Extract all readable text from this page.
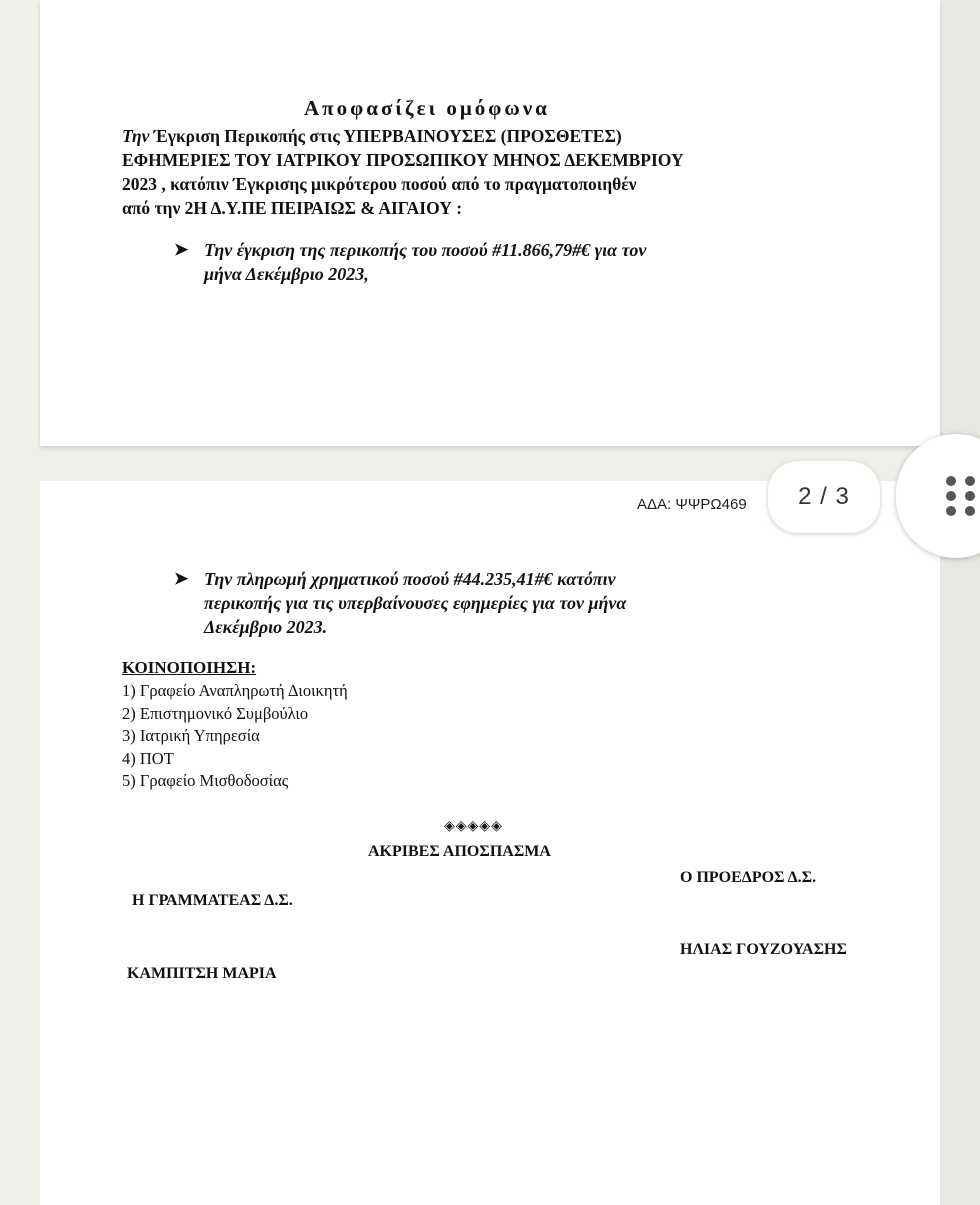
Αποφασίζει ομόφωνα
Την Έγκριση Περικοπής στις ΥΠΕΡΒΑΙΝΟΥΣΕΣ (ΠΡΟΣΘΕΤΕΣ)
ΕΦΗΜΕΡΙΕΣ ΤΟΥ ΙΑΤΡΙΚΟΥ ΠΡΟΣΩΠΙΚΟΥ ΜΗΝΟΣ ΔΕΚΕΜΒΡΙΟΥ
2023 , κατόπιν Έγκρισης μικρότερου ποσού από το πραγματοποιηθέν
από την 2Η Δ.Υ.ΠΕ ΠΕΙΡΑΙΩΣ & ΑΙΓΑΙΟΥ :
➤ Την έγκριση της περικοπής του ποσού #11.866,79#€ για τον
μήνα Δεκέμβριο 2023,
ΑΔΑ: ΨΨΡΩ469
➤ Την πληρωμή χρηματικού ποσού #44.235,41#€ κατόπιν
περικοπής για τις υπερβαίνουσες εφημερίες για τον μήνα
Δεκέμβριο 2023.
ΚΟΙΝΟΠΟΙΗΣΗ:
1) Γραφείο Αναπληρωτή Διοικητή
2) Επιστημονικό Συμβούλιο
3) Ιατρική Υπηρεσία
4) ΠΟΤ
5) Γραφείο Μισθοδοσίας
◈◈◈◈◈
ΑΚΡΙΒΕΣ ΑΠΟΣΠΑΣΜΑ
Ο ΠΡΟΕΔΡΟΣ Δ.Σ.
Η ΓΡΑΜΜΑΤΕΑΣ Δ.Σ.
ΗΛΙΑΣ ΓΟΥΖΟΥΑΣΗΣ
ΚΑΜΠΙΤΣΗ ΜΑΡΙΑ
2 / 3
